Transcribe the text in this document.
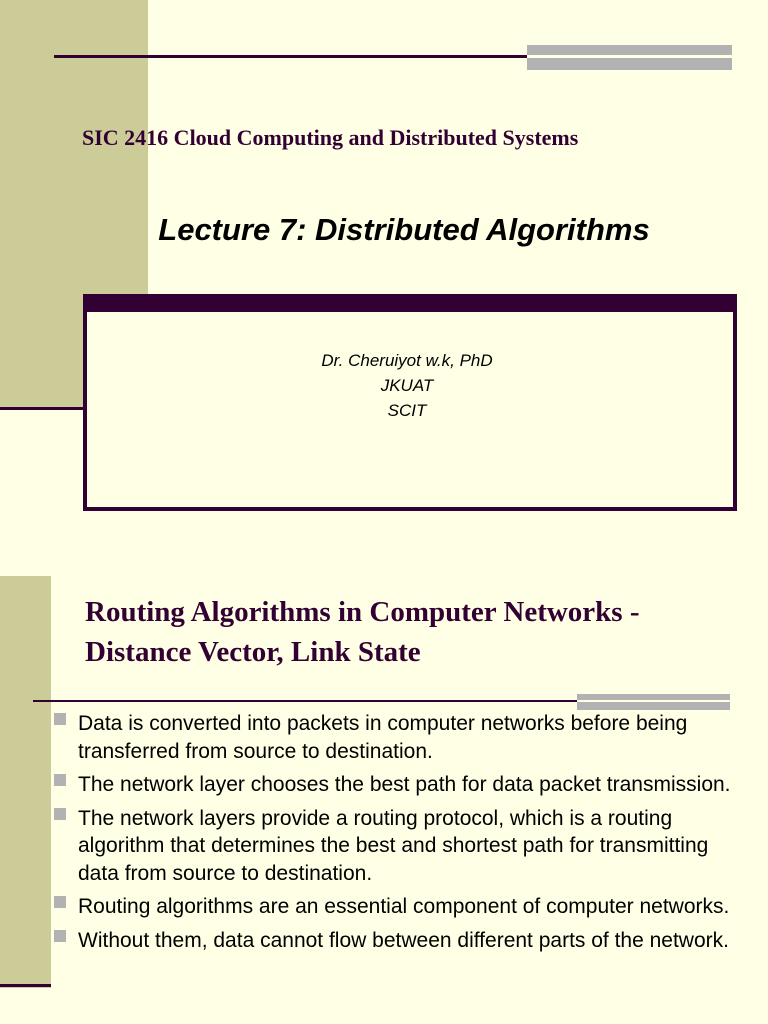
SIC 2416 Cloud Computing and Distributed Systems
Lecture 7: Distributed Algorithms
Dr. Cheruiyot w.k, PhD
JKUAT
SCIT
Routing Algorithms in Computer Networks -
Distance Vector, Link State
Data is converted into packets in computer networks before being transferred from source to destination.
The network layer chooses the best path for data packet transmission.
The network layers provide a routing protocol, which is a routing algorithm that determines the best and shortest path for transmitting data from source to destination.
Routing algorithms are an essential component of computer networks.
Without them, data cannot flow between different parts of the network.
